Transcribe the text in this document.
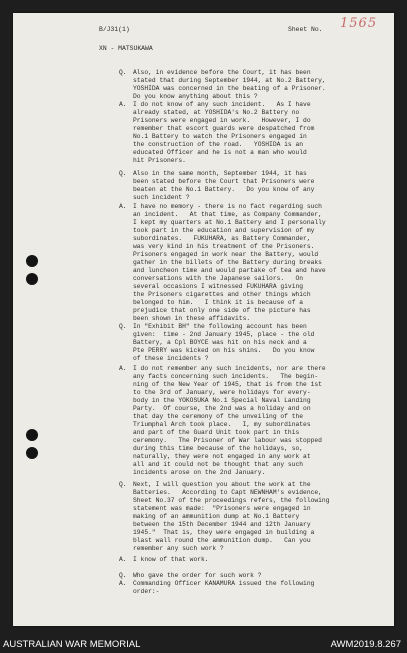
B/J31(1)	Sheet No. 1565
XN - MATSUKAWA
Q. Also, in evidence before the Court, it has been
stated that during September 1944, at No.2 Battery,
YOSHIDA was concerned in the beating of a Prisoner.
Do you know anything about this ?
A. I do not know of any such incident.   As I have
already stated, at YOSHIDA's No.2 Battery no
Prisoners were engaged in work.   However, I do
remember that escort guards were despatched from
No.1 Battery to watch the Prisoners engaged in
the construction of the road.   YOSHIDA is an
educated Officer and he is not a man who would
hit Prisoners.
Q. Also in the same month, September 1944, it has
been stated before the Court that Prisoners were
beaten at the No.1 Battery.   Do you know of any
such incident ?
A. I have no memory - there is no fact regarding such
an incident.   At that time, as Company Commander,
I kept my quarters at No.1 Battery and I personally
took part in the education and supervision of my
subordinates.   FUKUHARA, as Battery Commander,
was very kind in his treatment of the Prisoners.
Prisoners engaged in work near the Battery, would
gather in the billets of the Battery during breaks
and luncheon time and would partake of tea and have
conversations with the Japanese sailors.   On
several occasions I witnessed FUKUHARA giving
the Prisoners cigarettes and other things which
belonged to him.   I think it is because of a
prejudice that only one side of the picture has
been shown in these affidavits.
Q. In "Exhibit BH" the following account has been
given:  time - 2nd January 1945, place - the old
Battery, a Cpl BOYCE was hit on his neck and a
Pte PERRY was kicked on his shins.   Do you know
of these incidents ?
A. I do not remember any such incidents, nor are there
any facts concerning such incidents.   The begin-
ning of the New Year of 1945, that is from the 1st
to the 3rd of January, were holidays for every-
body in the YOKOSUKA No.1 Special Naval Landing
Party.  Of course, the 2nd was a holiday and on
that day the ceremony of the unveiling of the
Triumphal Arch took place.   I, my subordinates
and part of the Guard Unit took part in this
ceremony.   The Prisoner of War labour was stopped
during this time because of the holidays, so,
naturally, they were not engaged in any work at
all and it could not be thought that any such
incidents arose on the 2nd January.
Q. Next, I will question you about the work at the
Batteries.   According to Capt NEWNHAM's evidence,
Sheet No.37 of the proceedings refers, the following
statement was made:  "Prisoners were engaged in
making of an ammunition dump at No.1 Battery
between the 15th December 1944 and 12th January
1945."  That is, they were engaged in building a
blast wall round the ammunition dump.   Can you
remember any such work ?
A. I know of that work.
Q. Who gave the order for such work ?
A. Commanding Officer KANAMURA issued the following
order:-
AUSTRALIAN WAR MEMORIAL	AWM2019.8.267
